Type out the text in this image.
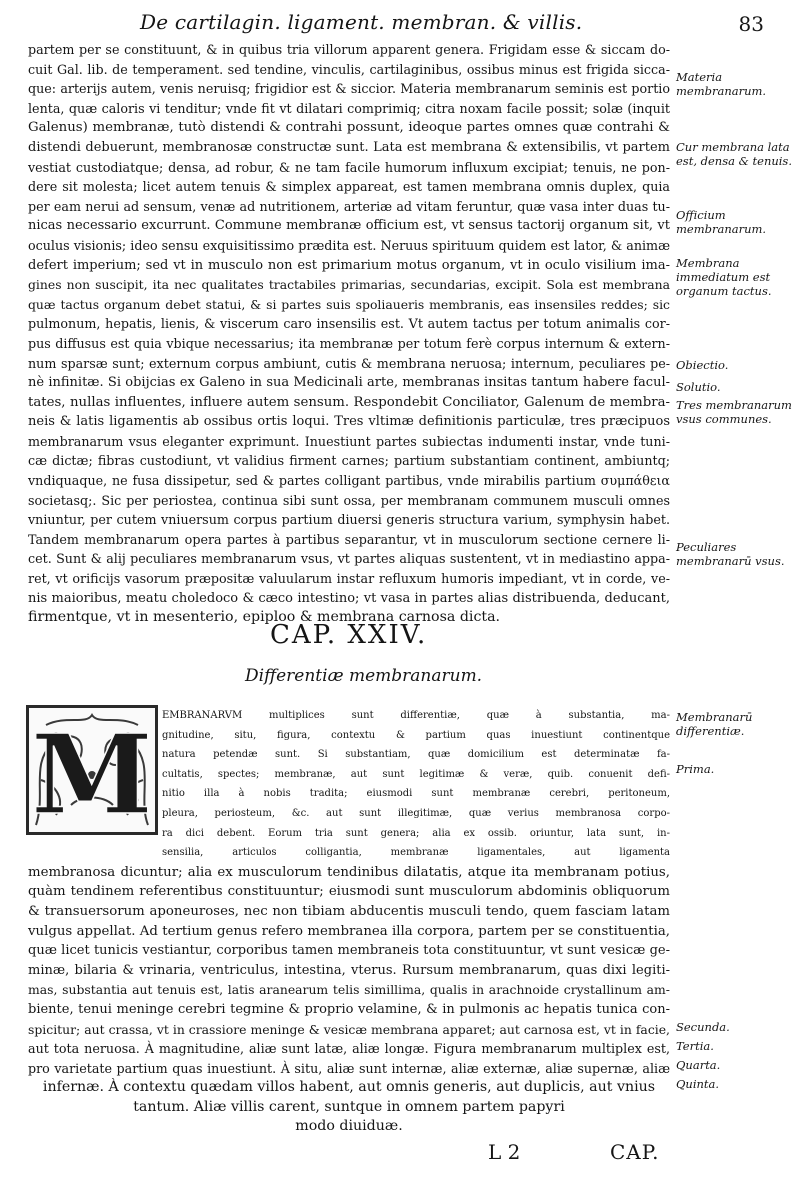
De cartilagin. ligament. membran. & villis.	83
partem per se constituunt, & in quibus tria villorum apparent genera. Frigidam esse & siccam do-
cuit Gal. lib. de temperament. sed tendine, vinculis, cartilaginibus, ossibus minus est frigida sicca-
que: arterijs autem, venis neruisq; frigidior est & siccior. Materia membranarum seminis est portio
lenta, quæ caloris vi tenditur; vnde fit vt dilatari comprimiq; citra noxam facile possit; solæ (inquit
Galenus) membranæ, tutò distendi & contrahi possunt, ideoque partes omnes quæ contrahi &
distendi debuerunt, membranosæ constructæ sunt. Lata est membrana & extensibilis, vt partem
vestiat custodiatque; densa, ad robur, & ne tam facile humorum influxum excipiat; tenuis, ne pon-
dere sit molesta; licet autem tenuis & simplex appareat, est tamen membrana omnis duplex, quia
per eam nerui ad sensum, venæ ad nutritionem, arteriæ ad vitam feruntur, quæ vasa inter duas tu-
nicas necessario excurrunt. Commune membranæ officium est, vt sensus tactorij organum sit, vt
oculus visionis; ideo sensu exquisitissimo prædita est. Neruus spirituum quidem est lator, & animæ
defert imperium; sed vt in musculo non est primarium motus organum, vt in oculo visilium ima-
gines non suscipit, ita nec qualitates tractabiles primarias, secundarias, excipit. Sola est membrana
quæ tactus organum debet statui, & si partes suis spoliaueris membranis, eas insensiles reddes; sic
pulmonum, hepatis, lienis, & viscerum caro insensilis est. Vt autem tactus per totum animalis cor-
pus diffusus est quia vbique necessarius; ita membranæ per totum ferè corpus internum & extern-
num sparsæ sunt; externum corpus ambiunt, cutis & membrana neruosa; internum, peculiares pe-
nè infinitæ. Si obijcias ex Galeno in sua Medicinali arte, membranas insitas tantum habere facul-
tates, nullas influentes, influere autem sensum. Respondebit Conciliator, Galenum de membra-
neis & latis ligamentis ab ossibus ortis loqui. Tres vltimæ definitionis particulæ, tres præcipuos
membranarum vsus eleganter exprimunt. Inuestiunt partes subiectas indumenti instar, vnde tuni-
cæ dictæ; fibras custodiunt, vt validius firment carnes; partium substantiam continent, ambiuntq;
vndiquaque, ne fusa dissipetur, sed & partes colligant partibus, vnde mirabilis partium συμπάθεια
societasq;. Sic per periostea, continua sibi sunt ossa, per membranam communem musculi omnes
vniuntur, per cutem vniuersum corpus partium diuersi generis structura varium, symphysin habet.
Tandem membranarum opera partes à partibus separantur, vt in musculorum sectione cernere li-
cet. Sunt & alij peculiares membranarum vsus, vt partes aliquas sustentent, vt in mediastino appa-
ret, vt orificijs vasorum præpositæ valuularum instar refluxum humoris impediant, vt in corde, ve-
nis maioribus, meatu choledoco & cæco intestino; vt vasa in partes alias distribuenda, deducant,
firmentque, vt in mesenterio, epiploo & membrana carnosa dicta.
CAP. XXIV.
Differentiæ membranarum.
EMBRANARVM multiplices sunt differentiæ, quæ à substantia, ma-
gnitudine, situ, figura, contextu & partium quas inuestiunt continentque
natura petendæ sunt. Si substantiam, quæ domicilium est determinatæ fa-
cultatis, spectes; membranæ, aut sunt legitimæ & veræ, quib. conuenit defi-
nitio illa à nobis tradita; eiusmodi sunt membranæ cerebri, peritoneum,
pleura, periosteum, &c. aut sunt illegitimæ, quæ verius membranosa corpo-
ra dici debent. Eorum tria sunt genera; alia ex ossib. oriuntur, lata sunt, in-
sensilia, articulos colligantia, membranæ ligamentales, aut ligamenta
membranosa dicuntur; alia ex musculorum tendinibus dilatatis, atque ita membranam potius,
quàm tendinem referentibus constituuntur; eiusmodi sunt musculorum abdominis obliquorum
& transuersorum aponeuroses, nec non tibiam abducentis musculi tendo, quem fasciam latam
vulgus appellat. Ad tertium genus refero membranea illa corpora, partem per se constituentia,
quæ licet tunicis vestiantur, corporibus tamen membraneis tota constituuntur, vt sunt vesicæ ge-
minæ, bilaria & vrinaria, ventriculus, intestina, vterus. Rursum membranarum, quas dixi legiti-
mas, substantia aut tenuis est, latis aranearum telis simillima, qualis in arachnoide crystallinum am-
biente, tenui meninge cerebri tegmine & proprio velamine, & in pulmonis ac hepatis tunica con-
spicitur; aut crassa, vt in crassiore meninge & vesicæ membrana apparet; aut carnosa est, vt in facie,
aut tota neruosa. À magnitudine, aliæ sunt latæ, aliæ longæ. Figura membranarum multiplex est,
pro varietate partium quas inuestiunt. À situ, aliæ sunt internæ, aliæ externæ, aliæ supernæ, aliæ
infernæ. À contextu quædam villos habent, aut omnis generis, aut duplicis, aut vnius
tantum. Aliæ villis carent, suntque in omnem partem papyri
modo diuiduæ.
M
Materia membranarum.
Cur membrana lata est, densa & tenuis.
Officium membranarum.
Membrana immediatum est organum tactus.
Obiectio.
Solutio.
Tres membranarum vsus communes.
Peculiares membranarū vsus.
Membranarū differentiæ.
Prima.
Secunda.
Tertia.
Quarta.
Quinta.
L 2	CAP.
